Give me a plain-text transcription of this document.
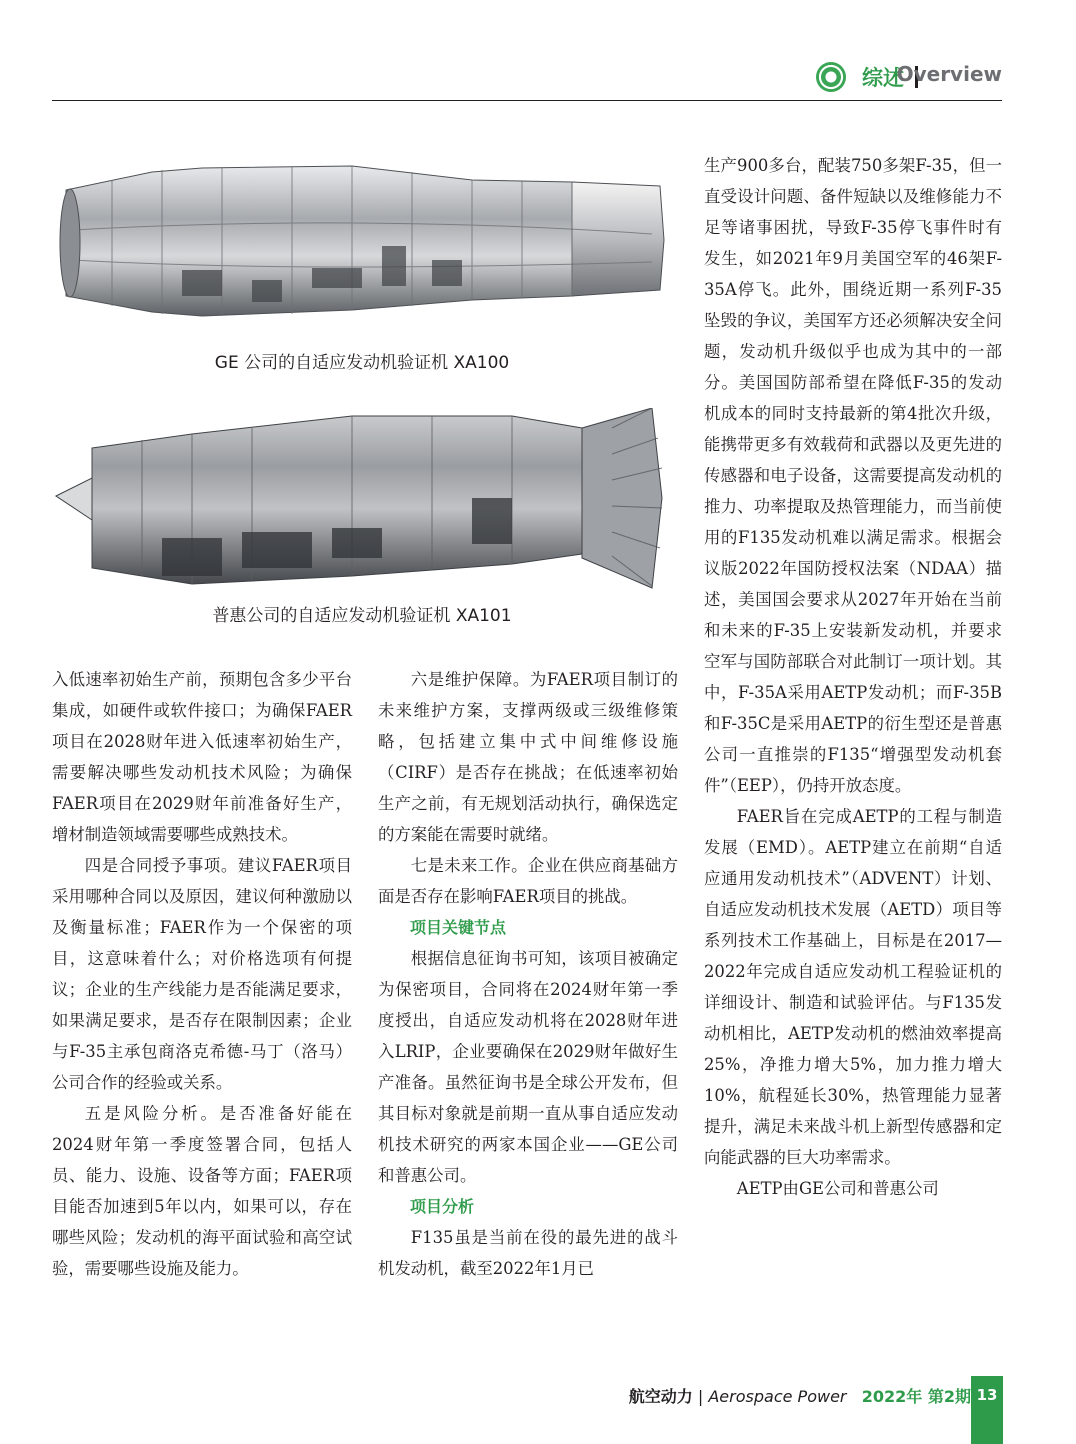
综述
Overview
GE 公司的自适应发动机验证机 XA100
普惠公司的自适应发动机验证机 XA101

入低速率初始生产前，预期包含多少平台集成，如硬件或软件接口；为确保FAER项目在2028财年进入低速率初始生产，需要解决哪些发动机技术风险；为确保FAER项目在2029财年前准备好生产，增材制造领域需要哪些成熟技术。

四是合同授予事项。建议FAER项目采用哪种合同以及原因，建议何种激励以及衡量标准；FAER作为一个保密的项目，这意味着什么；对价格选项有何提议；企业的生产线能力是否能满足要求，如果满足要求，是否存在限制因素；企业与F-35主承包商洛克希德-马丁（洛马）公司合作的经验或关系。

五是风险分析。是否准备好能在2024财年第一季度签署合同，包括人员、能力、设施、设备等方面；FAER项目能否加速到5年以内，如果可以，存在哪些风险；发动机的海平面试验和高空试验，需要哪些设施及能力。

六是维护保障。为FAER项目制订的未来维护方案，支撑两级或三级维修策略，包括建立集中式中间维修设施（CIRF）是否存在挑战；在低速率初始生产之前，有无规划活动执行，确保选定的方案能在需要时就绪。

七是未来工作。企业在供应商基础方面是否存在影响FAER项目的挑战。

项目关键节点

根据信息征询书可知，该项目被确定为保密项目，合同将在2024财年第一季度授出，自适应发动机将在2028财年进入LRIP，企业要确保在2029财年做好生产准备。虽然征询书是全球公开发布，但其目标对象就是前期一直从事自适应发动机技术研究的两家本国企业——GE公司和普惠公司。

项目分析

F135虽是当前在役的最先进的战斗机发动机，截至2022年1月已

生产900多台，配装750多架F-35，但一直受设计问题、备件短缺以及维修能力不足等诸事困扰，导致F-35停飞事件时有发生，如2021年9月美国空军的46架F-35A停飞。此外，围绕近期一系列F-35坠毁的争议，美国军方还必须解决安全问题，发动机升级似乎也成为其中的一部分。美国国防部希望在降低F-35的发动机成本的同时支持最新的第4批次升级，能携带更多有效载荷和武器以及更先进的传感器和电子设备，这需要提高发动机的推力、功率提取及热管理能力，而当前使用的F135发动机难以满足需求。根据会议版2022年国防授权法案（NDAA）描述，美国国会要求从2027年开始在当前和未来的F-35上安装新发动机，并要求空军与国防部联合对此制订一项计划。其中，F-35A采用AETP发动机；而F-35B和F-35C是采用AETP的衍生型还是普惠公司一直推崇的F135“增强型发动机套件”（EEP），仍持开放态度。

FAER旨在完成AETP的工程与制造发展（EMD）。AETP建立在前期“自适应通用发动机技术”（ADVENT）计划、自适应发动机技术发展（AETD）项目等系列技术工作基础上，目标是在2017—2022年完成自适应发动机工程验证机的详细设计、制造和试验评估。与F135发动机相比，AETP发动机的燃油效率提高25%，净推力增大5%，加力推力增大10%，航程延长30%，热管理能力显著提升，满足未来战斗机上新型传感器和定向能武器的巨大功率需求。

AETP由GE公司和普惠公司

航空动力 | Aerospace Power 2022年 第2期 13
